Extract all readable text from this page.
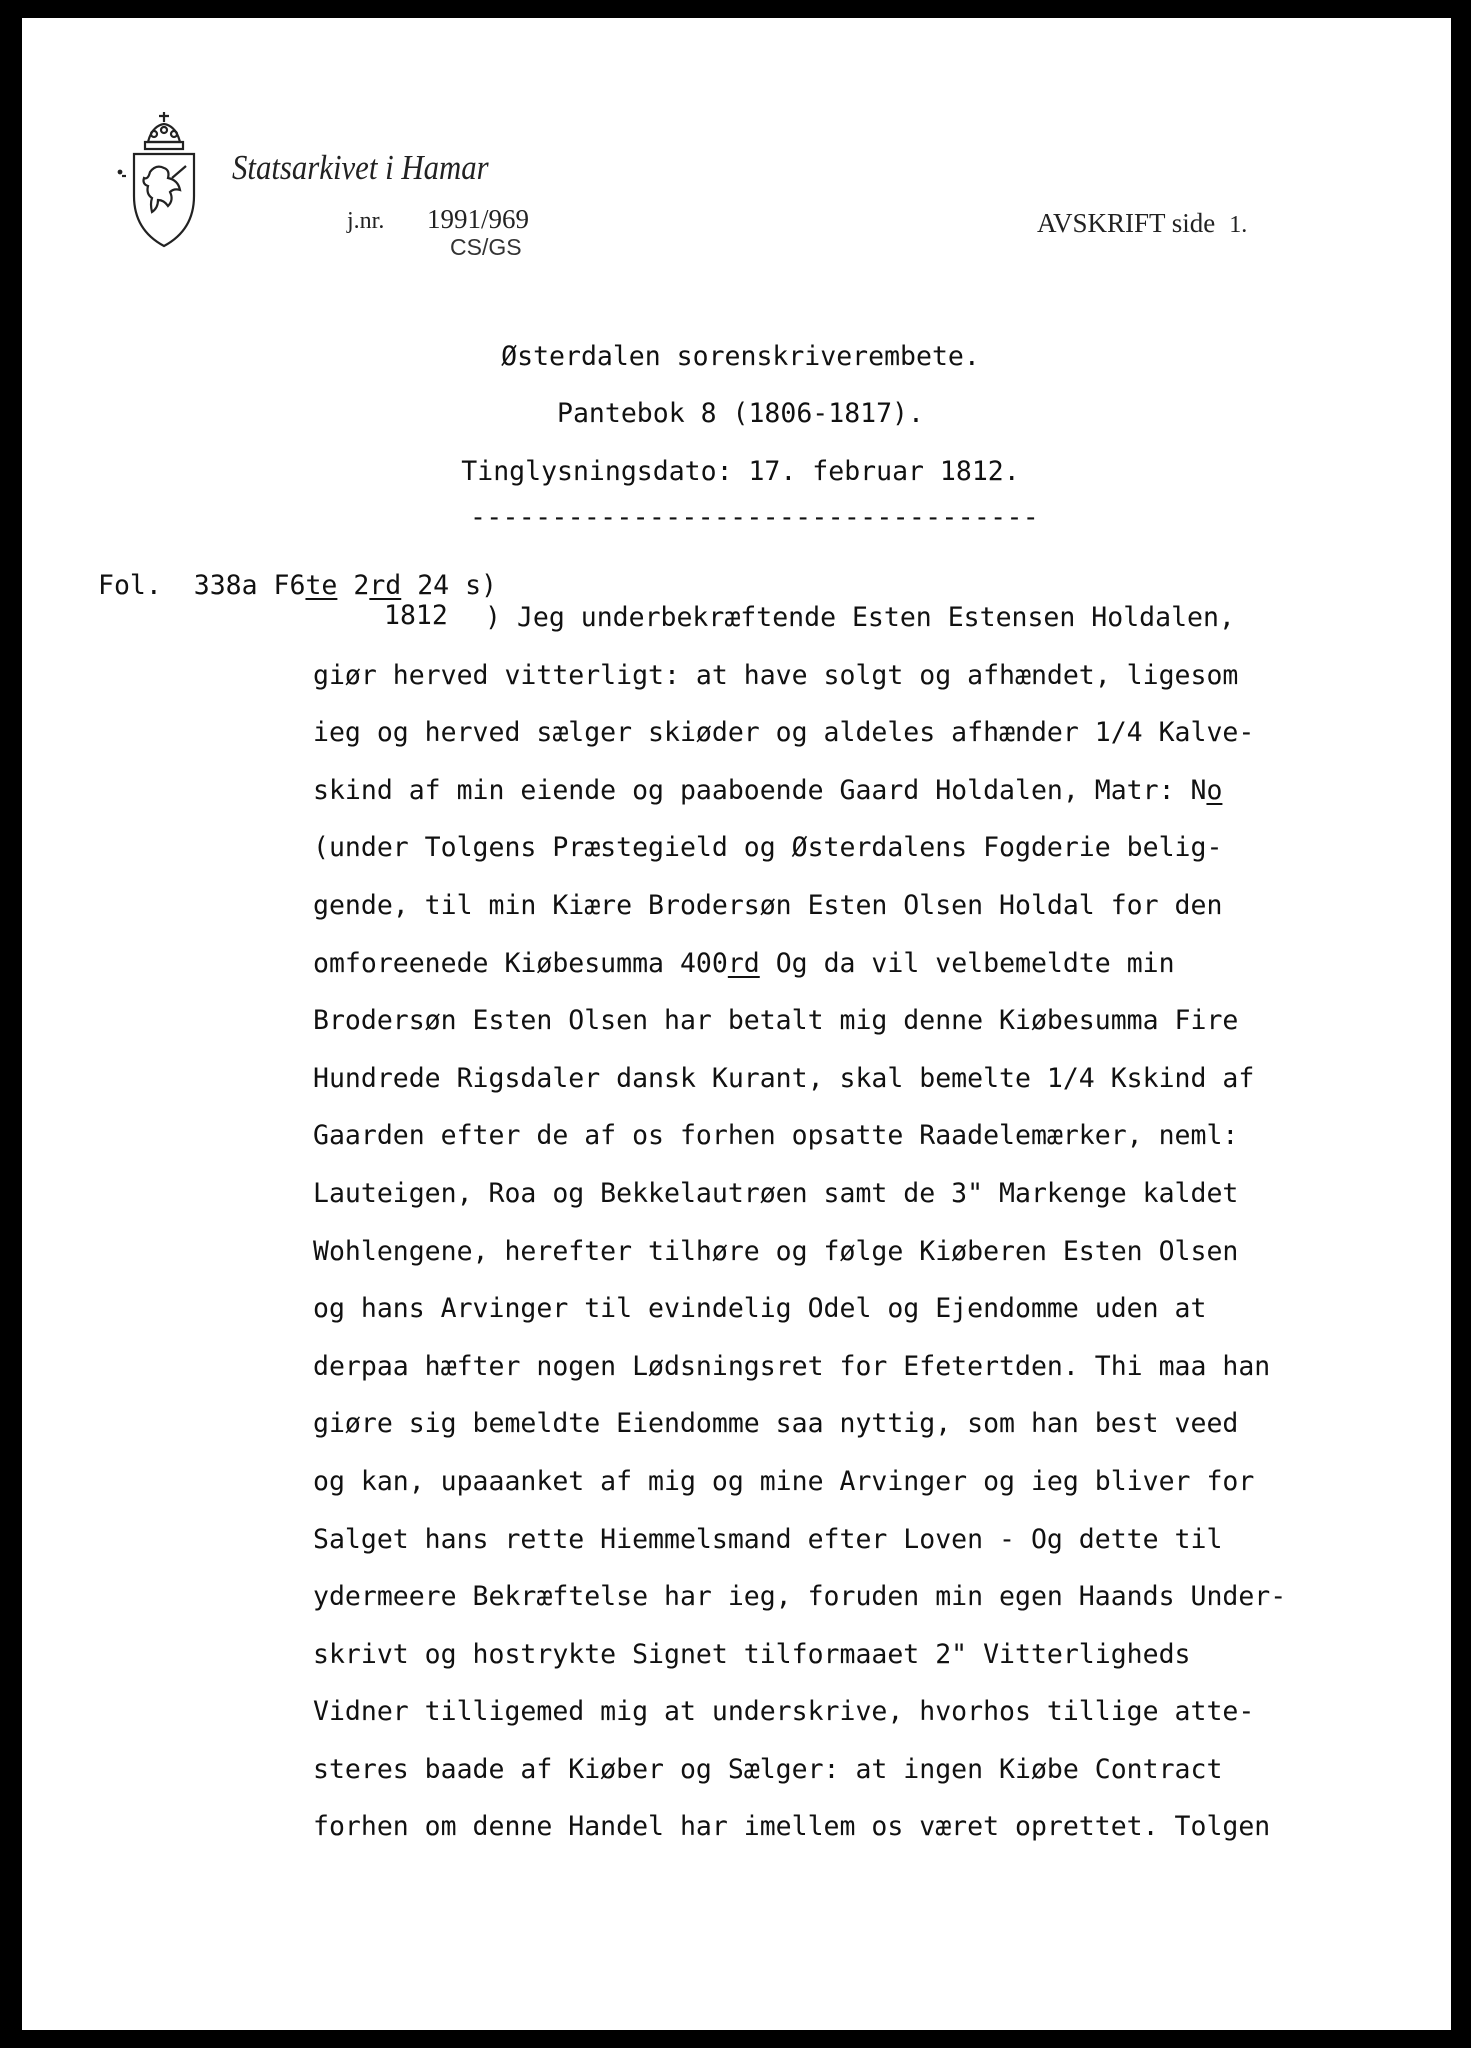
Statsarkivet i Hamar
j.nr. 1991/969
CS/GS
AVSKRIFT side 1.
Østerdalen sorenskriverembete.
Pantebok 8 (1806-1817).
Tinglysningsdato: 17. februar 1812.
-----------------------------------
Fol. 338a F6te 2rd 24 s)
1812	) Jeg underbekræftende Esten Estensen Holdalen,
giør herved vitterligt: at have solgt og afhændet, ligesom
ieg og herved sælger skiøder og aldeles afhænder 1/4 Kalve-
skind af min eiende og paaboende Gaard Holdalen, Matr: No
(under Tolgens Præstegield og Østerdalens Fogderie belig-
gende, til min Kiære Brodersøn Esten Olsen Holdal for den
omforeenede Kiøbesumma 400rd Og da vil velbemeldte min
Brodersøn Esten Olsen har betalt mig denne Kiøbesumma Fire
Hundrede Rigsdaler dansk Kurant, skal bemelte 1/4 Kskind af
Gaarden efter de af os forhen opsatte Raadelemærker, neml:
Lauteigen, Roa og Bekkelautrøen samt de 3" Markenge kaldet
Wohlengene, herefter tilhøre og følge Kiøberen Esten Olsen
og hans Arvinger til evindelig Odel og Ejendomme uden at
derpaa hæfter nogen Lødsningsret for Efetertden. Thi maa han
giøre sig bemeldte Eiendomme saa nyttig, som han best veed
og kan, upaaanket af mig og mine Arvinger og ieg bliver for
Salget hans rette Hiemmelsmand efter Loven - Og dette til
ydermeere Bekræftelse har ieg, foruden min egen Haands Under-
skrivt og hostrykte Signet tilformaaet 2" Vitterligheds
Vidner tilligemed mig at underskrive, hvorhos tillige atte-
steres baade af Kiøber og Sælger: at ingen Kiøbe Contract
forhen om denne Handel har imellem os været oprettet. Tolgen
